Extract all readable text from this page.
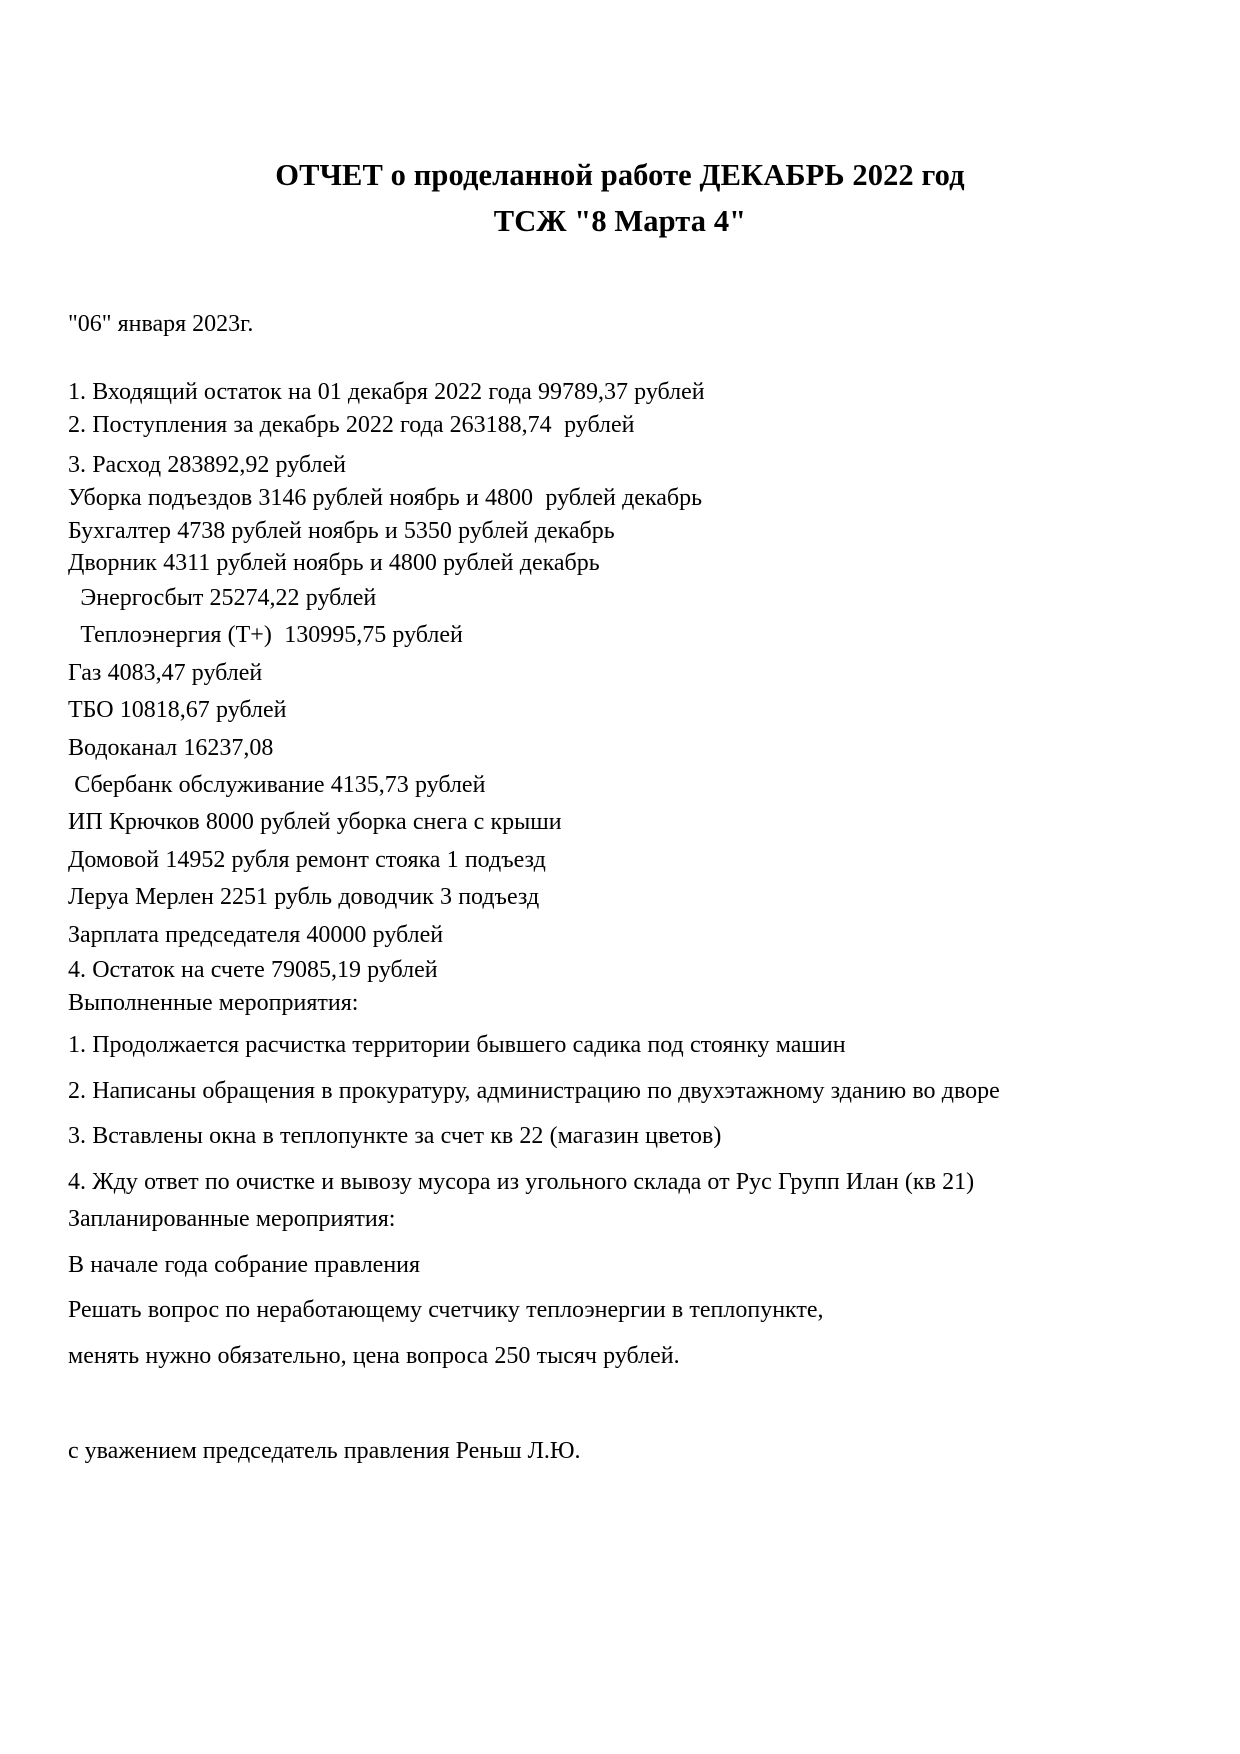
ОТЧЕТ о проделанной работе ДЕКАБРЬ 2022 год
ТСЖ "8 Марта 4"
"06" января 2023г.

1. Входящий остаток на 01 декабря 2022 года 99789,37 рублей

2. Поступления за декабрь 2022 года 263188,74  рублей

3. Расход 283892,92 рублей

Уборка подъездов 3146 рублей ноябрь и 4800  рублей декабрь

Бухгалтер 4738 рублей ноябрь и 5350 рублей декабрь

Дворник 4311 рублей ноябрь и 4800 рублей декабрь

Энергосбыт 25274,22 рублей

Теплоэнергия (Т+)  130995,75 рублей

Газ 4083,47 рублей

ТБО 10818,67 рублей

Водоканал 16237,08

Сбербанк обслуживание 4135,73 рублей

ИП Крючков 8000 рублей уборка снега с крыши

Домовой 14952 рубля ремонт стояка 1 подъезд

Леруа Мерлен 2251 рубль доводчик 3 подъезд

Зарплата председателя 40000 рублей

4. Остаток на счете 79085,19 рублей

Выполненные мероприятия:

1. Продолжается расчистка территории бывшего садика под стоянку машин

2. Написаны обращения в прокуратуру, администрацию по двухэтажному зданию во дворе

3. Вставлены окна в теплопункте за счет кв 22 (магазин цветов)

4. Жду ответ по очистке и вывозу мусора из угольного склада от Рус Групп Илан (кв 21)

Запланированные мероприятия:

В начале года собрание правления

Решать вопрос по неработающему счетчику теплоэнергии в теплопункте,

менять нужно обязательно, цена вопроса 250 тысяч рублей.

с уважением председатель правления Реньш Л.Ю.
